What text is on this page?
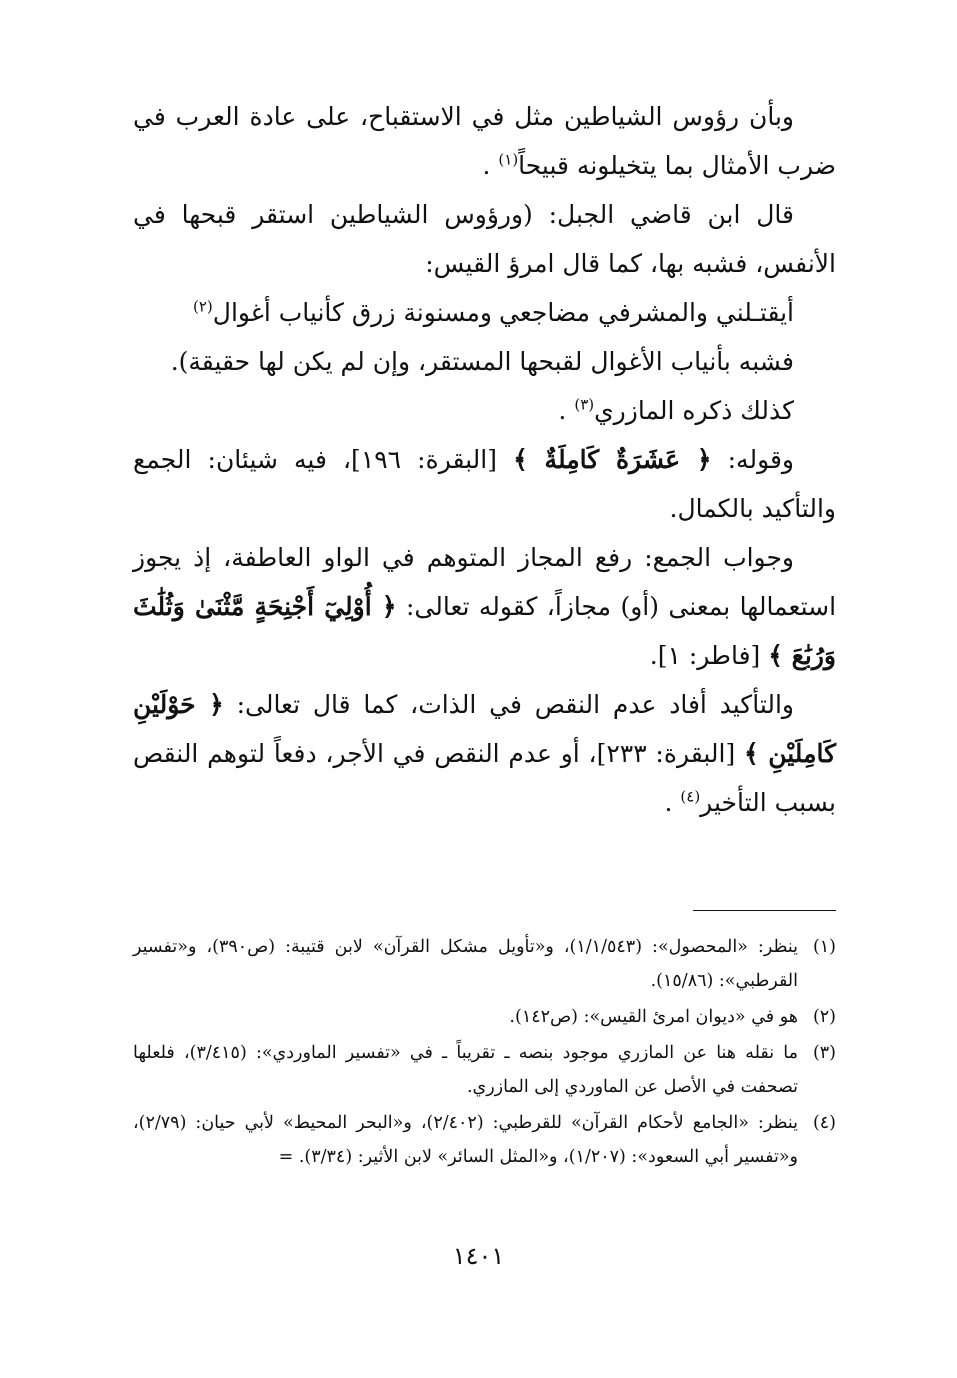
وبأن رؤوس الشياطين مثل في الاستقباح، على عادة العرب في ضرب الأمثال بما يتخيلونه قبيحاً$^{(١)}$ .

قال ابن قاضي الجبل: (ورؤوس الشياطين استقر قبحها في الأنفس، فشبه بها، كما قال امرؤ القيس:

أيقتـلني والمشرفي مضاجعي
ومسنونة زرق كأنياب أغوال$^{(٢)}$

فشبه بأنياب الأغوال لقبحها المستقر، وإن لم يكن لها حقيقة).

كذلك ذكره المازري$^{(٣)}$ .

وقوله: ﴿ عَشَرَةٌ كَامِلَةٌ ﴾ [البقرة: ١٩٦]، فيه شيئان: الجمع والتأكيد بالكمال.

وجواب الجمع: رفع المجاز المتوهم في الواو العاطفة، إذ يجوز استعمالها بمعنى (أو) مجازاً، كقوله تعالى: ﴿ أُوْلِيٓ أَجْنِحَةٍ مَّثْنَىٰ وَثُلَٰثَ وَرُبَٰعَ ﴾ [فاطر: ١].

والتأكيد أفاد عدم النقص في الذات، كما قال تعالى: ﴿ حَوْلَيْنِ كَامِلَيْنِ ﴾ [البقرة: ٢٣٣]، أو عدم النقص في الأجر، دفعاً لتوهم النقص بسبب التأخير$^{(٤)}$ .

(١)
ينظر: «المحصول»: (١/١/٥٤٣)، و«تأويل مشكل القرآن» لابن قتيبة: (ص٣٩٠)، و«تفسير القرطبي»: (١٥/٨٦).
(٢)
هو في «ديوان امرئ القيس»: (ص١٤٢).
(٣)
ما نقله هنا عن المازري موجود بنصه ـ تقريباً ـ في «تفسير الماوردي»: (٣/٤١٥)، فلعلها تصحفت في الأصل عن الماوردي إلى المازري.
(٤)
ينظر: «الجامع لأحكام القرآن» للقرطبي: (٢/٤٠٢)، و«البحر المحيط» لأبي حيان: (٢/٧٩)، و«تفسير أبي السعود»: (١/٢٠٧)، و«المثل السائر» لابن الأثير: (٣/٣٤). =
١٤٠١
